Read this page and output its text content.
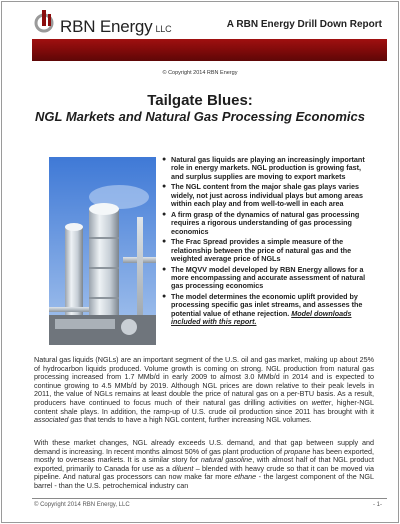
RBN Energy LLC	A RBN Energy Drill Down Report
© Copyright 2014 RBN Energy
Tailgate Blues:
NGL Markets and Natural Gas Processing Economics
● Natural gas liquids are playing an increasingly important role in energy markets. NGL production is growing fast, and surplus supplies are moving to export markets
● The NGL content from the major shale gas plays varies widely, not just across individual plays but among areas within each play and from well-to-well in each area
● A firm grasp of the dynamics of natural gas processing requires a rigorous understanding of gas processing economics
● The Frac Spread provides a simple measure of the relationship between the price of natural gas and the weighted average price of NGLs
● The MQVV model developed by RBN Energy allows for a more encompassing and accurate assessment of natural gas processing economics
● The model determines the economic uplift provided by processing specific gas inlet streams, and assesses the potential value of ethane rejection. Model downloads included with this report.

Natural gas liquids (NGLs) are an important segment of the U.S. oil and gas market, making up about 25% of hydrocarbon liquids produced. Volume growth is coming on strong. NGL production from natural gas processing increased from 1.7 MMb/d in early 2009 to almost 3.0 MMb/d in 2014 and is expected to continue growing to 4.5 MMb/d by 2019. Although NGL prices are down relative to their peak levels in 2011, the value of NGLs remains at least double the price of natural gas on a per-BTU basis. As a result, producers have continued to focus much of their natural gas drilling activities on wetter, higher-NGL content shale plays. In addition, the ramp-up of U.S. crude oil production since 2011 has brought with it associated gas that tends to have a high NGL content, further increasing NGL volumes.

With these market changes, NGL already exceeds U.S. demand, and that gap between supply and demand is increasing. In recent months almost 50% of gas plant production of propane has been exported, mostly to overseas markets. It is a similar story for natural gasoline, with almost half of that NGL product exported, primarily to Canada for use as a diluent – blended with heavy crude so that it can be moved via pipeline. And natural gas processors can now make far more ethane - the largest component of the NGL barrel - than the U.S. petrochemical industry can

© Copyright 2014 RBN Energy, LLC	- 1-
